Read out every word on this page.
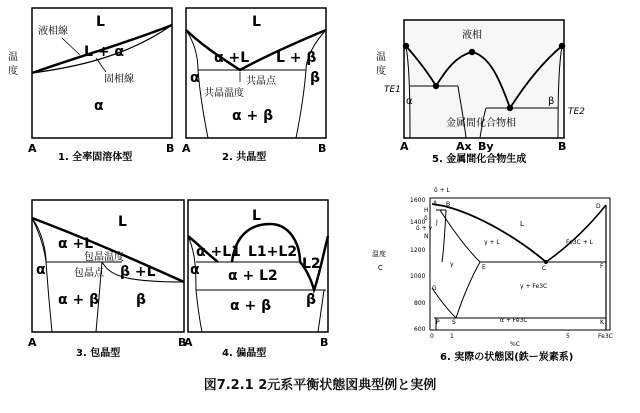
温
度
L
液相線
L + α
固相線
α
A	B
1. 全率固溶体型
L
α +L L + β
α	β
共晶点
共晶温度
α + β
A	B
2. 共晶型
L
α +L
包晶温度
包晶点 β +L
α
α + β	β
A	B
3. 包晶型
L
α +L1 L1+L2
α + L2
L2
α
α + β β
A	B
4. 偏晶型
温
度
液相
α	β
TE1
TE2
金属間化合物相
A	Ax By	B
5. 金属間化合物生成
温度
C
1600
1400
1200
1000
800
600
A B
H
J
N
D
E	C	F
G
P S	K
δ + L
δ
δ + γ
L
γ + L	Fe3C + L
γ
γ + Fe3C
α + Fe3C
0	1	5	Fe3C
%C
6. 実際の状態図(鉄ー炭素系)
図7.2.1 2元系平衡状態図典型例と実例
